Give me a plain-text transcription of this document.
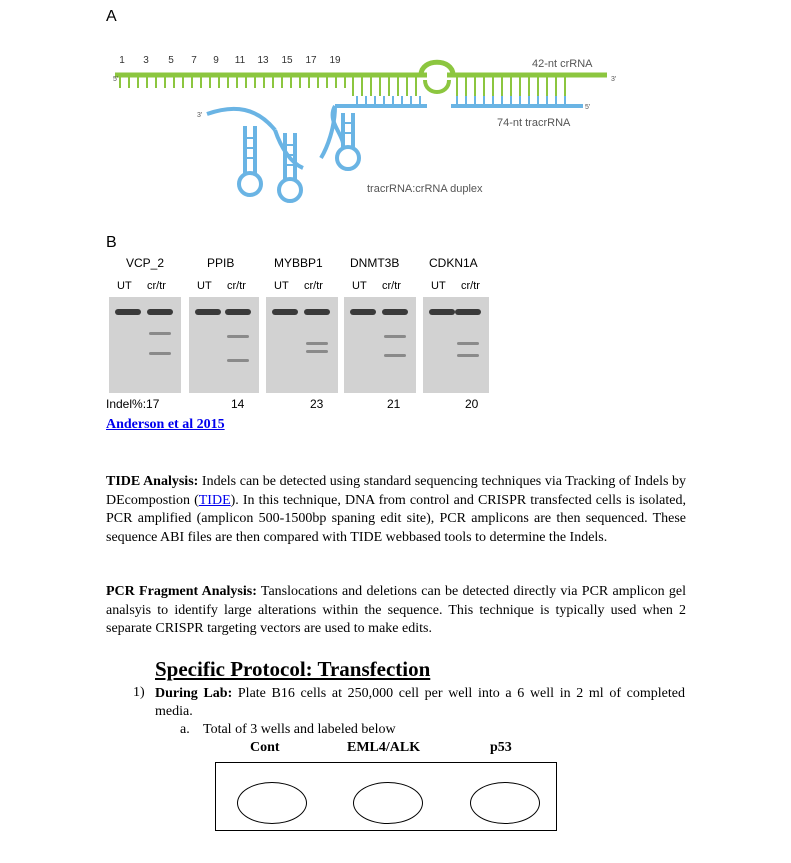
A
1 3 5 7 9 11 13 15 17 19
5'	3'
3'
5'
42-nt crRNA
74-nt tracrRNA
tracrRNA:crRNA duplex
B
VCP_2
UT cr/tr
Indel%:17
PPIB
UT cr/tr
14
MYBBP1
UT cr/tr
23
DNMT3B
UT cr/tr
21
CDKN1A
UT cr/tr
20
Anderson et al 2015
TIDE Analysis: Indels can be detected using standard sequencing techniques via Tracking of Indels by DEcompostion (TIDE). In this technique, DNA from control and CRISPR transfected cells is isolated, PCR amplified (amplicon 500-1500bp spaning edit site), PCR amplicons are then sequenced. These sequence ABI files are then compared with TIDE webbased tools to determine the Indels.
PCR Fragment Analysis: Tanslocations and deletions can be detected directly via PCR amplicon gel analsyis to identify large alterations within the sequence. This technique is typically used when 2 separate CRISPR targeting vectors are used to make edits.
Specific Protocol: Transfection
1) During Lab: Plate B16 cells at 250,000 cell per well into a 6 well in 2 ml of completed media.
a. Total of 3 wells and labeled below
Cont	EML4/ALK	p53
